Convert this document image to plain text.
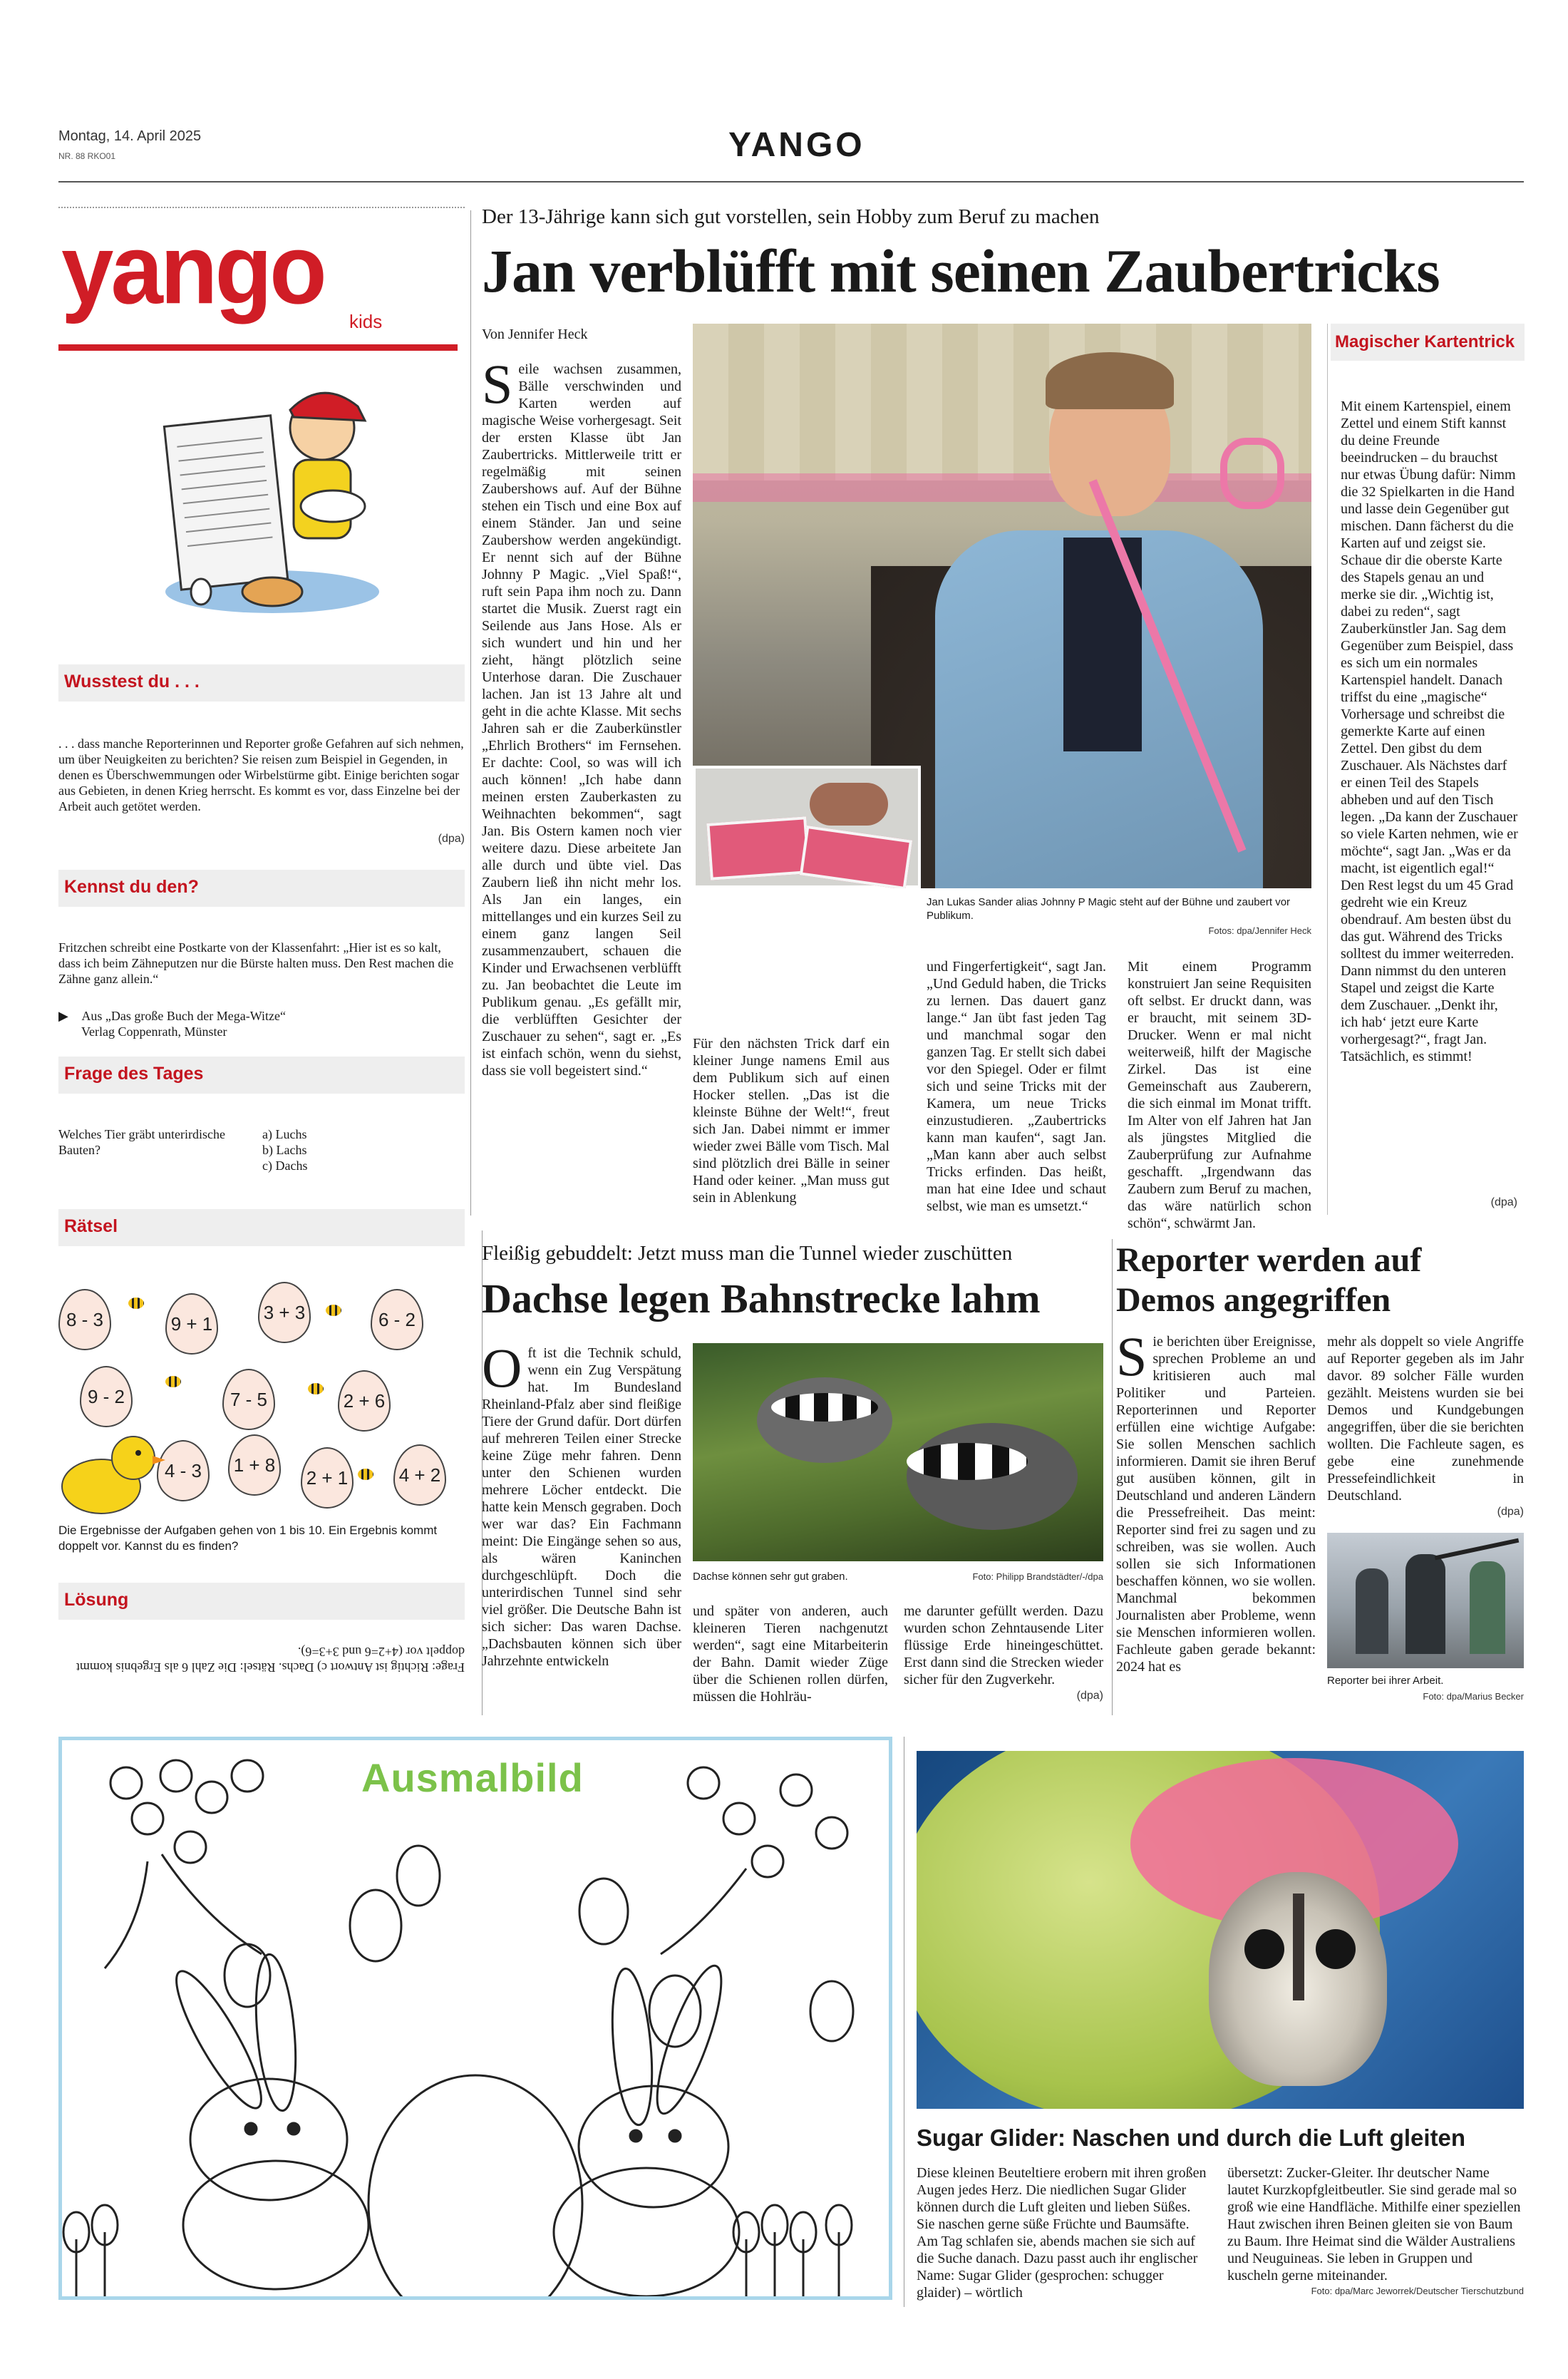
Montag, 14. April 2025
NR. 88 RKO01	YANGO
yango kids
Wusstest du . . .
. . . dass manche Reporterinnen und Reporter große Gefahren auf sich nehmen, um über Neuigkeiten zu berichten? Sie reisen zum Beispiel in Gegenden, in denen es Überschwemmungen oder Wirbelstürme gibt. Einige berichten sogar aus Gebieten, in denen Krieg herrscht. Es kommt es vor, dass Einzelne bei der Arbeit auch getötet werden.
(dpa)
Kennst du den?
Fritzchen schreibt eine Postkarte von der Klassenfahrt: „Hier ist es so kalt, dass ich beim Zähneputzen nur die Bürste halten muss. Den Rest machen die Zähne ganz allein.“
▶ Aus „Das große Buch der Mega-Witze“
Verlag Coppenrath, Münster
Frage des Tages
Welches Tier gräbt unterirdische Bauten?
a) Luchs
b) Lachs
c) Dachs
Rätsel
8 - 3	9 + 1
3 + 3	6 - 2
9 - 2	7 - 5	2 + 6
4 - 3	1 + 8
2 + 1	4 + 2
Die Ergebnisse der Aufgaben gehen von 1 bis 10. Ein Ergebnis kommt doppelt vor. Kannst du es finden?
Lösung
Frage: Richtig ist Antwort c) Dachs. Rätsel: Die Zahl 6 als Ergebnis kommt doppelt vor (4+2=6 und 3+3=6).
Der 13-Jährige kann sich gut vorstellen, sein Hobby zum Beruf zu machen
Jan verblüfft mit seinen Zaubertricks
Von Jennifer Heck
Seile wachsen zusammen, Bälle verschwinden und Karten werden auf magische Weise vorhergesagt. Seit der ersten Klasse übt Jan Zaubertricks. Mittlerweile tritt er regelmäßig mit seinen Zaubershows auf. Auf der Bühne stehen ein Tisch und eine Box auf einem Ständer. Jan und seine Zaubershow werden angekündigt. Er nennt sich auf der Bühne Johnny P Magic. „Viel Spaß!“, ruft sein Papa ihm noch zu. Dann startet die Musik. Zuerst ragt ein Seilende aus Jans Hose. Als er sich wundert und hin und her zieht, hängt plötzlich seine Unterhose daran. Die Zuschauer lachen. Jan ist 13 Jahre alt und geht in die achte Klasse. Mit sechs Jahren sah er die Zauberkünstler „Ehrlich Brothers“ im Fernsehen. Er dachte: Cool, so was will ich auch können! „Ich habe dann meinen ersten Zauberkasten zu Weihnachten bekommen“, sagt Jan. Bis Ostern kamen noch vier weitere dazu. Diese arbeitete Jan alle durch und übte viel. Das Zaubern ließ ihn nicht mehr los. Als Jan ein langes, ein mittellanges und ein kurzes Seil zu einem ganz langen Seil zusammenzaubert, schauen die Kinder und Erwachsenen verblüfft zu. Jan beobachtet die Leute im Publikum genau. „Es gefällt mir, die verblüfften Gesichter der Zuschauer zu sehen“, sagt er. „Es ist einfach schön, wenn du siehst, dass sie voll begeistert sind.“
Jan Lukas Sander alias Johnny P Magic steht auf der Bühne und zaubert vor Publikum.
Fotos: dpa/Jennifer Heck
Für den nächsten Trick darf ein kleiner Junge namens Emil aus dem Publikum sich auf einen Hocker stellen. „Das ist die kleinste Bühne der Welt!“, freut sich Jan. Dabei nimmt er immer wieder zwei Bälle vom Tisch. Mal sind plötzlich drei Bälle in seiner Hand oder keiner. „Man muss gut sein in Ablenkung
und Fingerfertigkeit“, sagt Jan. „Und Geduld haben, die Tricks zu lernen. Das dauert ganz lange.“ Jan übt fast jeden Tag und manchmal sogar den ganzen Tag. Er stellt sich dabei vor den Spiegel. Oder er filmt sich und seine Tricks mit der Kamera, um neue Tricks einzustudieren. „Zaubertricks kann man kaufen“, sagt Jan. „Man kann aber auch selbst Tricks erfinden. Das heißt, man hat eine Idee und schaut selbst, wie man es umsetzt.“
Mit einem Programm konstruiert Jan seine Requisiten oft selbst. Er druckt dann, was er braucht, mit seinem 3D-Drucker. Wenn er mal nicht weiterweiß, hilft der Magische Zirkel. Das ist eine Gemeinschaft aus Zauberern, die sich einmal im Monat trifft. Im Alter von elf Jahren hat Jan als jüngstes Mitglied die Zauberprüfung zur Aufnahme geschafft. „Irgendwann das Zaubern zum Beruf zu machen, das wäre natürlich schon schön“, schwärmt Jan.
Magischer Kartentrick
Mit einem Kartenspiel, einem Zettel und einem Stift kannst du deine Freunde beeindrucken – du brauchst nur etwas Übung dafür: Nimm die 32 Spielkarten in die Hand und lasse dein Gegenüber gut mischen. Dann fächerst du die Karten auf und zeigst sie. Schaue dir die oberste Karte des Stapels genau an und merke sie dir. „Wichtig ist, dabei zu reden“, sagt Zauberkünstler Jan. Sag dem Gegenüber zum Beispiel, dass es sich um ein normales Kartenspiel handelt. Danach triffst du eine „magische“ Vorhersage und schreibst die gemerkte Karte auf einen Zettel. Den gibst du dem Zuschauer. Als Nächstes darf er einen Teil des Stapels abheben und auf den Tisch legen. „Da kann der Zuschauer so viele Karten nehmen, wie er möchte“, sagt Jan. „Was er da macht, ist eigentlich egal!“ Den Rest legst du um 45 Grad gedreht wie ein Kreuz obendrauf. Am besten übst du das gut. Während des Tricks solltest du immer weiterreden. Dann nimmst du den unteren Stapel und zeigst die Karte dem Zuschauer. „Denkt ihr, ich hab‘ jetzt eure Karte vorhergesagt?“, fragt Jan. Tatsächlich, es stimmt!
(dpa)
Fleißig gebuddelt: Jetzt muss man die Tunnel wieder zuschütten
Dachse legen Bahnstrecke lahm
Oft ist die Technik schuld, wenn ein Zug Verspätung hat. Im Bundesland Rheinland-Pfalz aber sind fleißige Tiere der Grund dafür. Dort dürfen auf mehreren Teilen einer Strecke keine Züge mehr fahren. Denn unter den Schienen wurden mehrere Löcher entdeckt. Die hatte kein Mensch gegraben. Doch wer war das? Ein Fachmann meint: Die Eingänge sehen so aus, als wären Kaninchen durchgeschlüpft. Doch die unterirdischen Tunnel sind sehr viel größer. Die Deutsche Bahn ist sich sicher: Das waren Dachse. „Dachsbauten können sich über Jahrzehnte entwickeln
Dachse können sehr gut graben.	Foto: Philipp Brandstädter/-/dpa
und später von anderen, auch kleineren Tieren nachgenutzt werden“, sagt eine Mitarbeiterin der Bahn. Damit wieder Züge über die Schienen rollen dürfen, müssen die Hohlräu-
me darunter gefüllt werden. Dazu wurden schon Zehntausende Liter flüssige Erde hineingeschüttet. Erst dann sind die Strecken wieder sicher für den Zugverkehr.
(dpa)
Reporter werden auf Demos angegriffen
Sie berichten über Ereignisse, sprechen Probleme an und kritisieren auch mal Politiker und Parteien. Reporterinnen und Reporter erfüllen eine wichtige Aufgabe: Sie sollen Menschen sachlich informieren. Damit sie ihren Beruf gut ausüben können, gilt in Deutschland und anderen Ländern die Pressefreiheit. Das meint: Reporter sind frei zu sagen und zu schreiben, was sie wollen. Auch sollen sie sich Informationen beschaffen können, wo sie wollen. Manchmal bekommen Journalisten aber Probleme, wenn sie Menschen informieren wollen. Fachleute gaben gerade bekannt: 2024 hat es
mehr als doppelt so viele Angriffe auf Reporter gegeben als im Jahr davor. 89 solcher Fälle wurden gezählt. Meistens wurden sie bei Demos und Kundgebungen angegriffen, über die sie berichten wollten. Die Fachleute sagen, es gebe eine zunehmende Pressefeindlichkeit in Deutschland.
(dpa)
Reporter bei ihrer Arbeit.
Foto: dpa/Marius Becker
Ausmalbild
Sugar Glider: Naschen und durch die Luft gleiten
Diese kleinen Beuteltiere erobern mit ihren großen Augen jedes Herz. Die niedlichen Sugar Glider können durch die Luft gleiten und lieben Süßes. Sie naschen gerne süße Früchte und Baumsäfte. Am Tag schlafen sie, abends machen sie sich auf die Suche danach. Dazu passt auch ihr englischer Name: Sugar Glider (gesprochen: schugger glaider) – wörtlich
übersetzt: Zucker-Gleiter. Ihr deutscher Name lautet Kurzkopfgleitbeutler. Sie sind gerade mal so groß wie eine Handfläche. Mithilfe einer speziellen Haut zwischen ihren Beinen gleiten sie von Baum zu Baum. Ihre Heimat sind die Wälder Australiens und Neuguineas. Sie leben in Gruppen und kuscheln gerne miteinander.
Foto: dpa/Marc Jeworrek/Deutscher Tierschutzbund
